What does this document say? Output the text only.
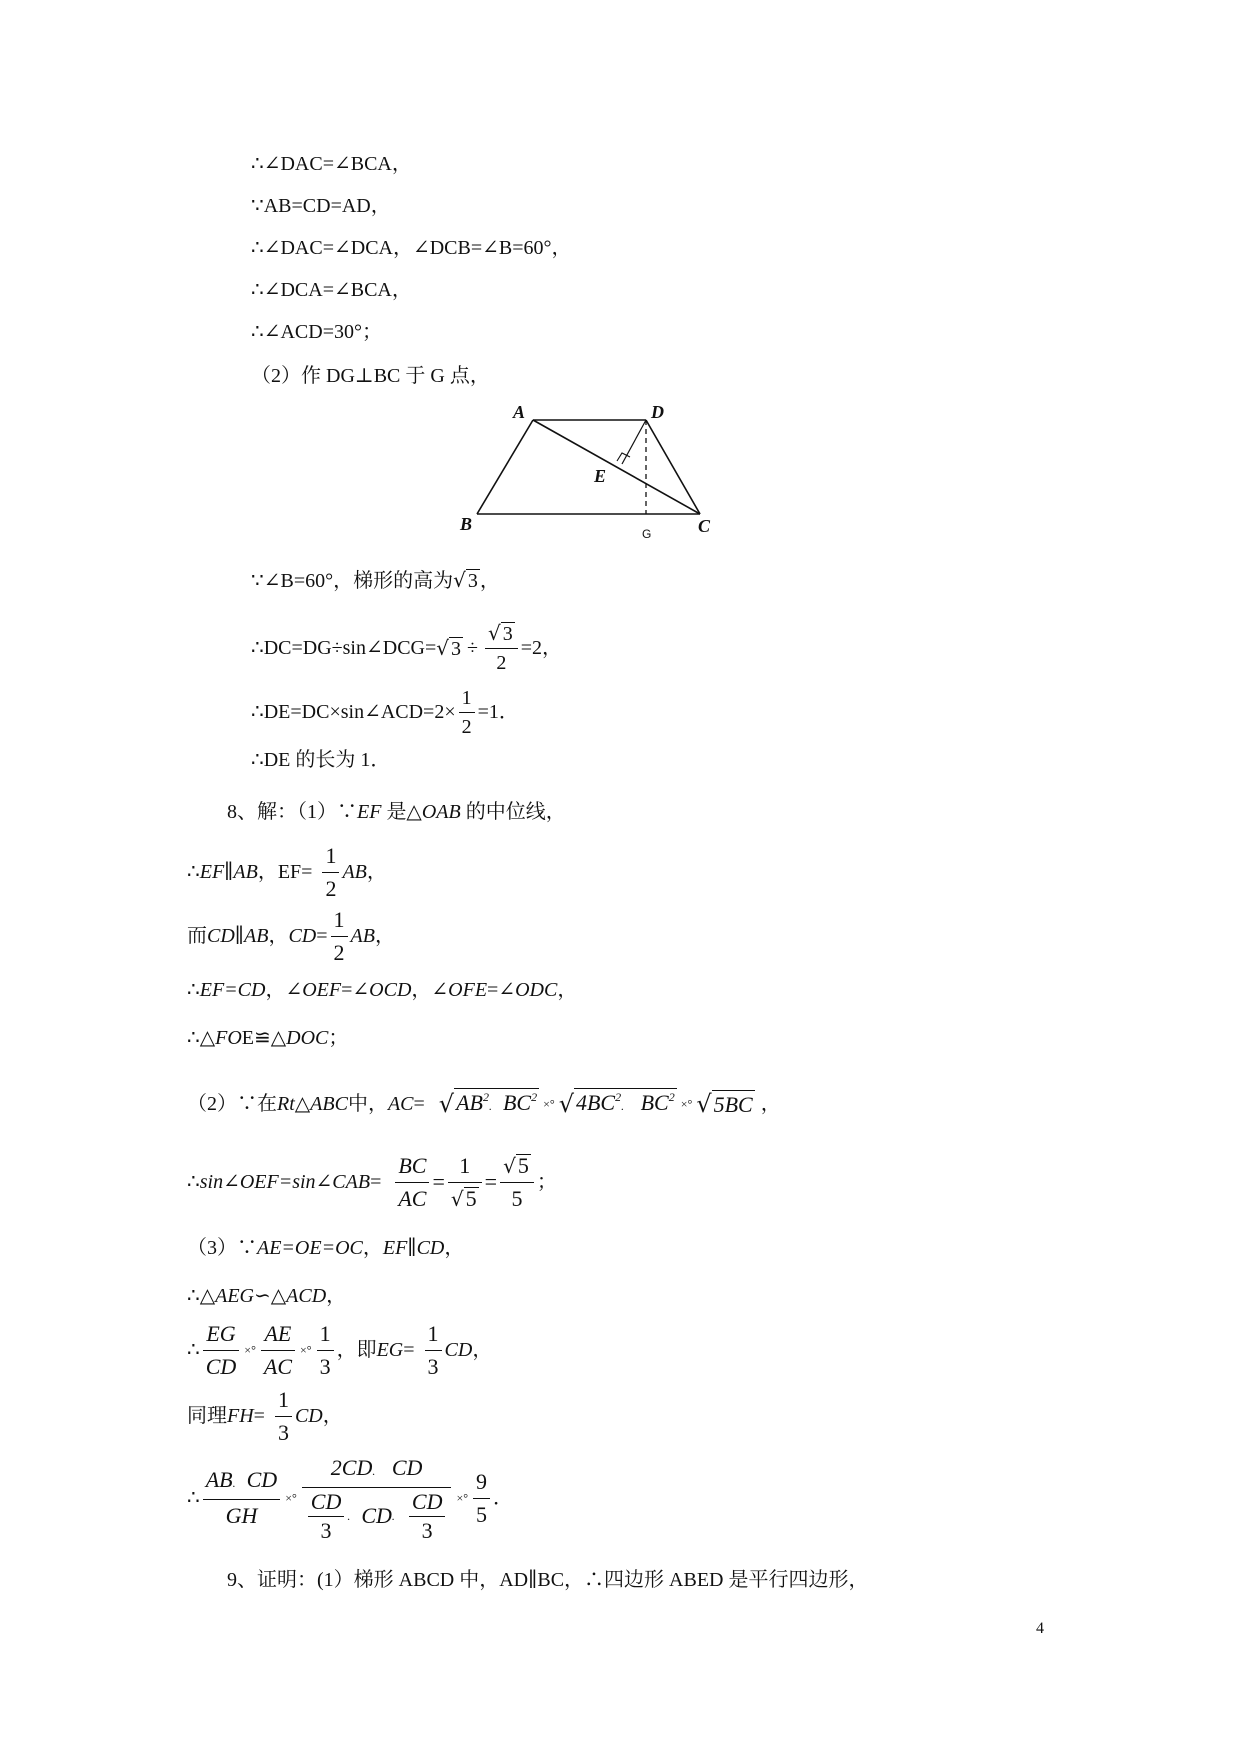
∴∠DAC=∠BCA，
∵AB=CD=AD，
∴∠DAC=∠DCA，∠DCB=∠B=60°，
∴∠DCA=∠BCA，
∴∠ACD=30°；
（2）作 DG⊥BC 于 G 点，
A	D
E
B	C
G
∵∠B=60°，梯形的高为√ 3 ，
∴DC=DG÷sin∠DCG= √ $3 \div \frac{√ 3}{2} =2$，
∴DE=DC×sin∠ACD=2× $\frac{1}{2} =1$．
∴DE 的长为 1．
8、解：（1）∵EF 是△OAB 的中位线，
∴ EF∥AB ，$EF= \frac{1}{2}$ AB ，
而 CD∥AB ， CD = $\frac{1}{2}$ AB ，
∴EF=CD，∠OEF=∠OCD，∠OFE=∠ODC，
∴△FOE≌△DOC；
（2）∵在 Rt △ ABC 中， AC = √ $AB^2$. $BC^2$ ×° √ $4BC^2$. $BC^2$ ×° √ 5BC ，
∴ sin∠OEF=sin∠CAB = $\frac{BC}{AC} = \frac{1}{√5} = \frac{√5}{5}$ ；
（3）∵AE=OE=OC，EF∥CD，
∴△AEG∽△ACD，
∴ $\frac{EG}{CD}$ ×° $\frac{AE}{AC}$ ×° $\frac{1}{3}$ ，即 EG = $\frac{1}{3}$ CD ，
同理 FH = $\frac{1}{3}$ CD ，
∴ $\frac{AB. CD}{GH}$ ×° 2CD. CD
$\frac{CD}{3}$ .
CD .
$\frac{CD}{3}$ ×° $\frac{9}{5}$ ．
9、证明：(1）梯形 ABCD 中，AD∥BC，∴四边形 ABED 是平行四边形，
4
